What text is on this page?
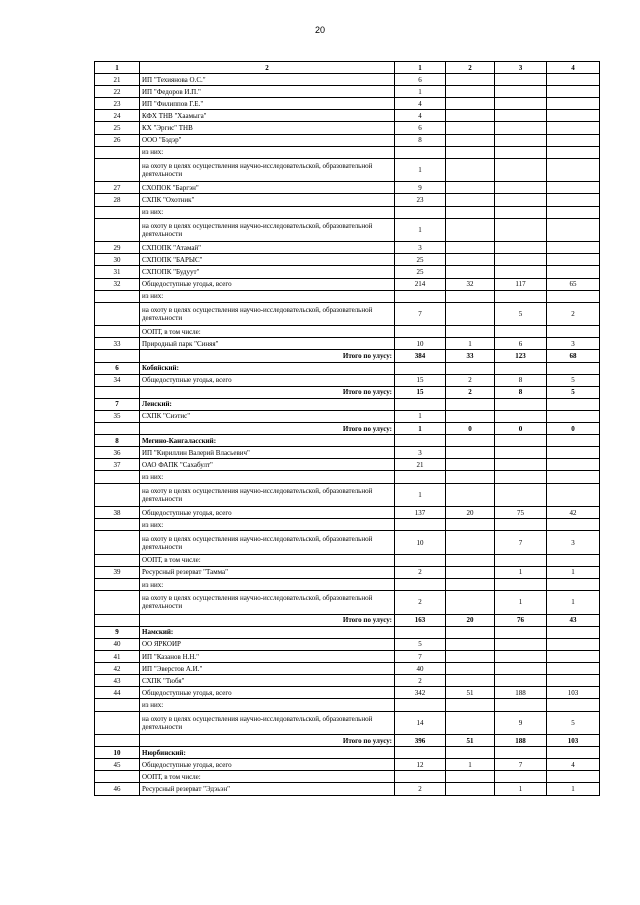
20
1	2	1	2	3	4
21	ИП "Техиянова О.С."	6			
22	ИП "Федоров И.П."	1			
23	ИП "Филиппов Г.Е."	4			
24	КФХ ТНВ "Хаамыга"	4			
25	КХ "Эргис" ТНВ	6			
26	ООО "Бэдэр"	8			
	из них:				
	на охоту в целях осуществления научно-исследовательской, образовательной деятельности	1			
27	СХОПОК "Баргэн"	9			
28	СХПК "Охотник"	23			
	из них:				
	на охоту в целях осуществления научно-исследовательской, образовательной деятельности	1			
29	СХПОПК "Атамай"	3			
30	СХПОПК "БАРЫС"	25			
31	СХПОПК "Будуут"	25			
32	Общедоступные угодья, всего	214	32	117	65
	из них:				
	на охоту в целях осуществления научно-исследовательской, образовательной деятельности	7		5	2
	ООПТ, в том числе:				
33	Природный парк "Синяя"	10	1	6	3
	Итого по улусу:	384	33	123	68
6	Кобяйский:				
34	Общедоступные угодья, всего	15	2	8	5
	Итого по улусу:	15	2	8	5
7	Ленский:				
35	СХПК "Сиэтис"	1			
	Итого по улусу:	1	0	0	0
8	Мегино-Кангаласский:				
36	ИП "Кириллин Валерий Власьевич"	3			
37	ОАО ФАПК "Сахабулт"	21			
	из них:				
	на охоту в целях осуществления научно-исследовательской, образовательной деятельности	1			
38	Общедоступные угодья, всего	137	20	75	42
	из них:				
	на охоту в целях осуществления научно-исследовательской, образовательной деятельности	10		7	3
	ООПТ, в том числе:				
39	Ресурсный резерват "Тамма"	2		1	1
	из них:				
	на охоту в целях осуществления научно-исследовательской, образовательной деятельности	2		1	1
	Итого по улусу:	163	20	76	43
9	Намский:				
40	ОО ЯРКОИР	5			
41	ИП "Казанов Н.Н."	7			
42	ИП "Эверстов А.И."	40			
43	СХПК "Тюбя"	2			
44	Общедоступные угодья, всего	342	51	188	103
	из них:				
	на охоту в целях осуществления научно-исследовательской, образовательной деятельности	14		9	5
	Итого по улусу:	396	51	188	103
10	Нюрбинский:				
45	Общедоступные угодья, всего	12	1	7	4
	ООПТ, в том числе:				
46	Ресурсный резерват "Эдэьэн"	2		1	1
